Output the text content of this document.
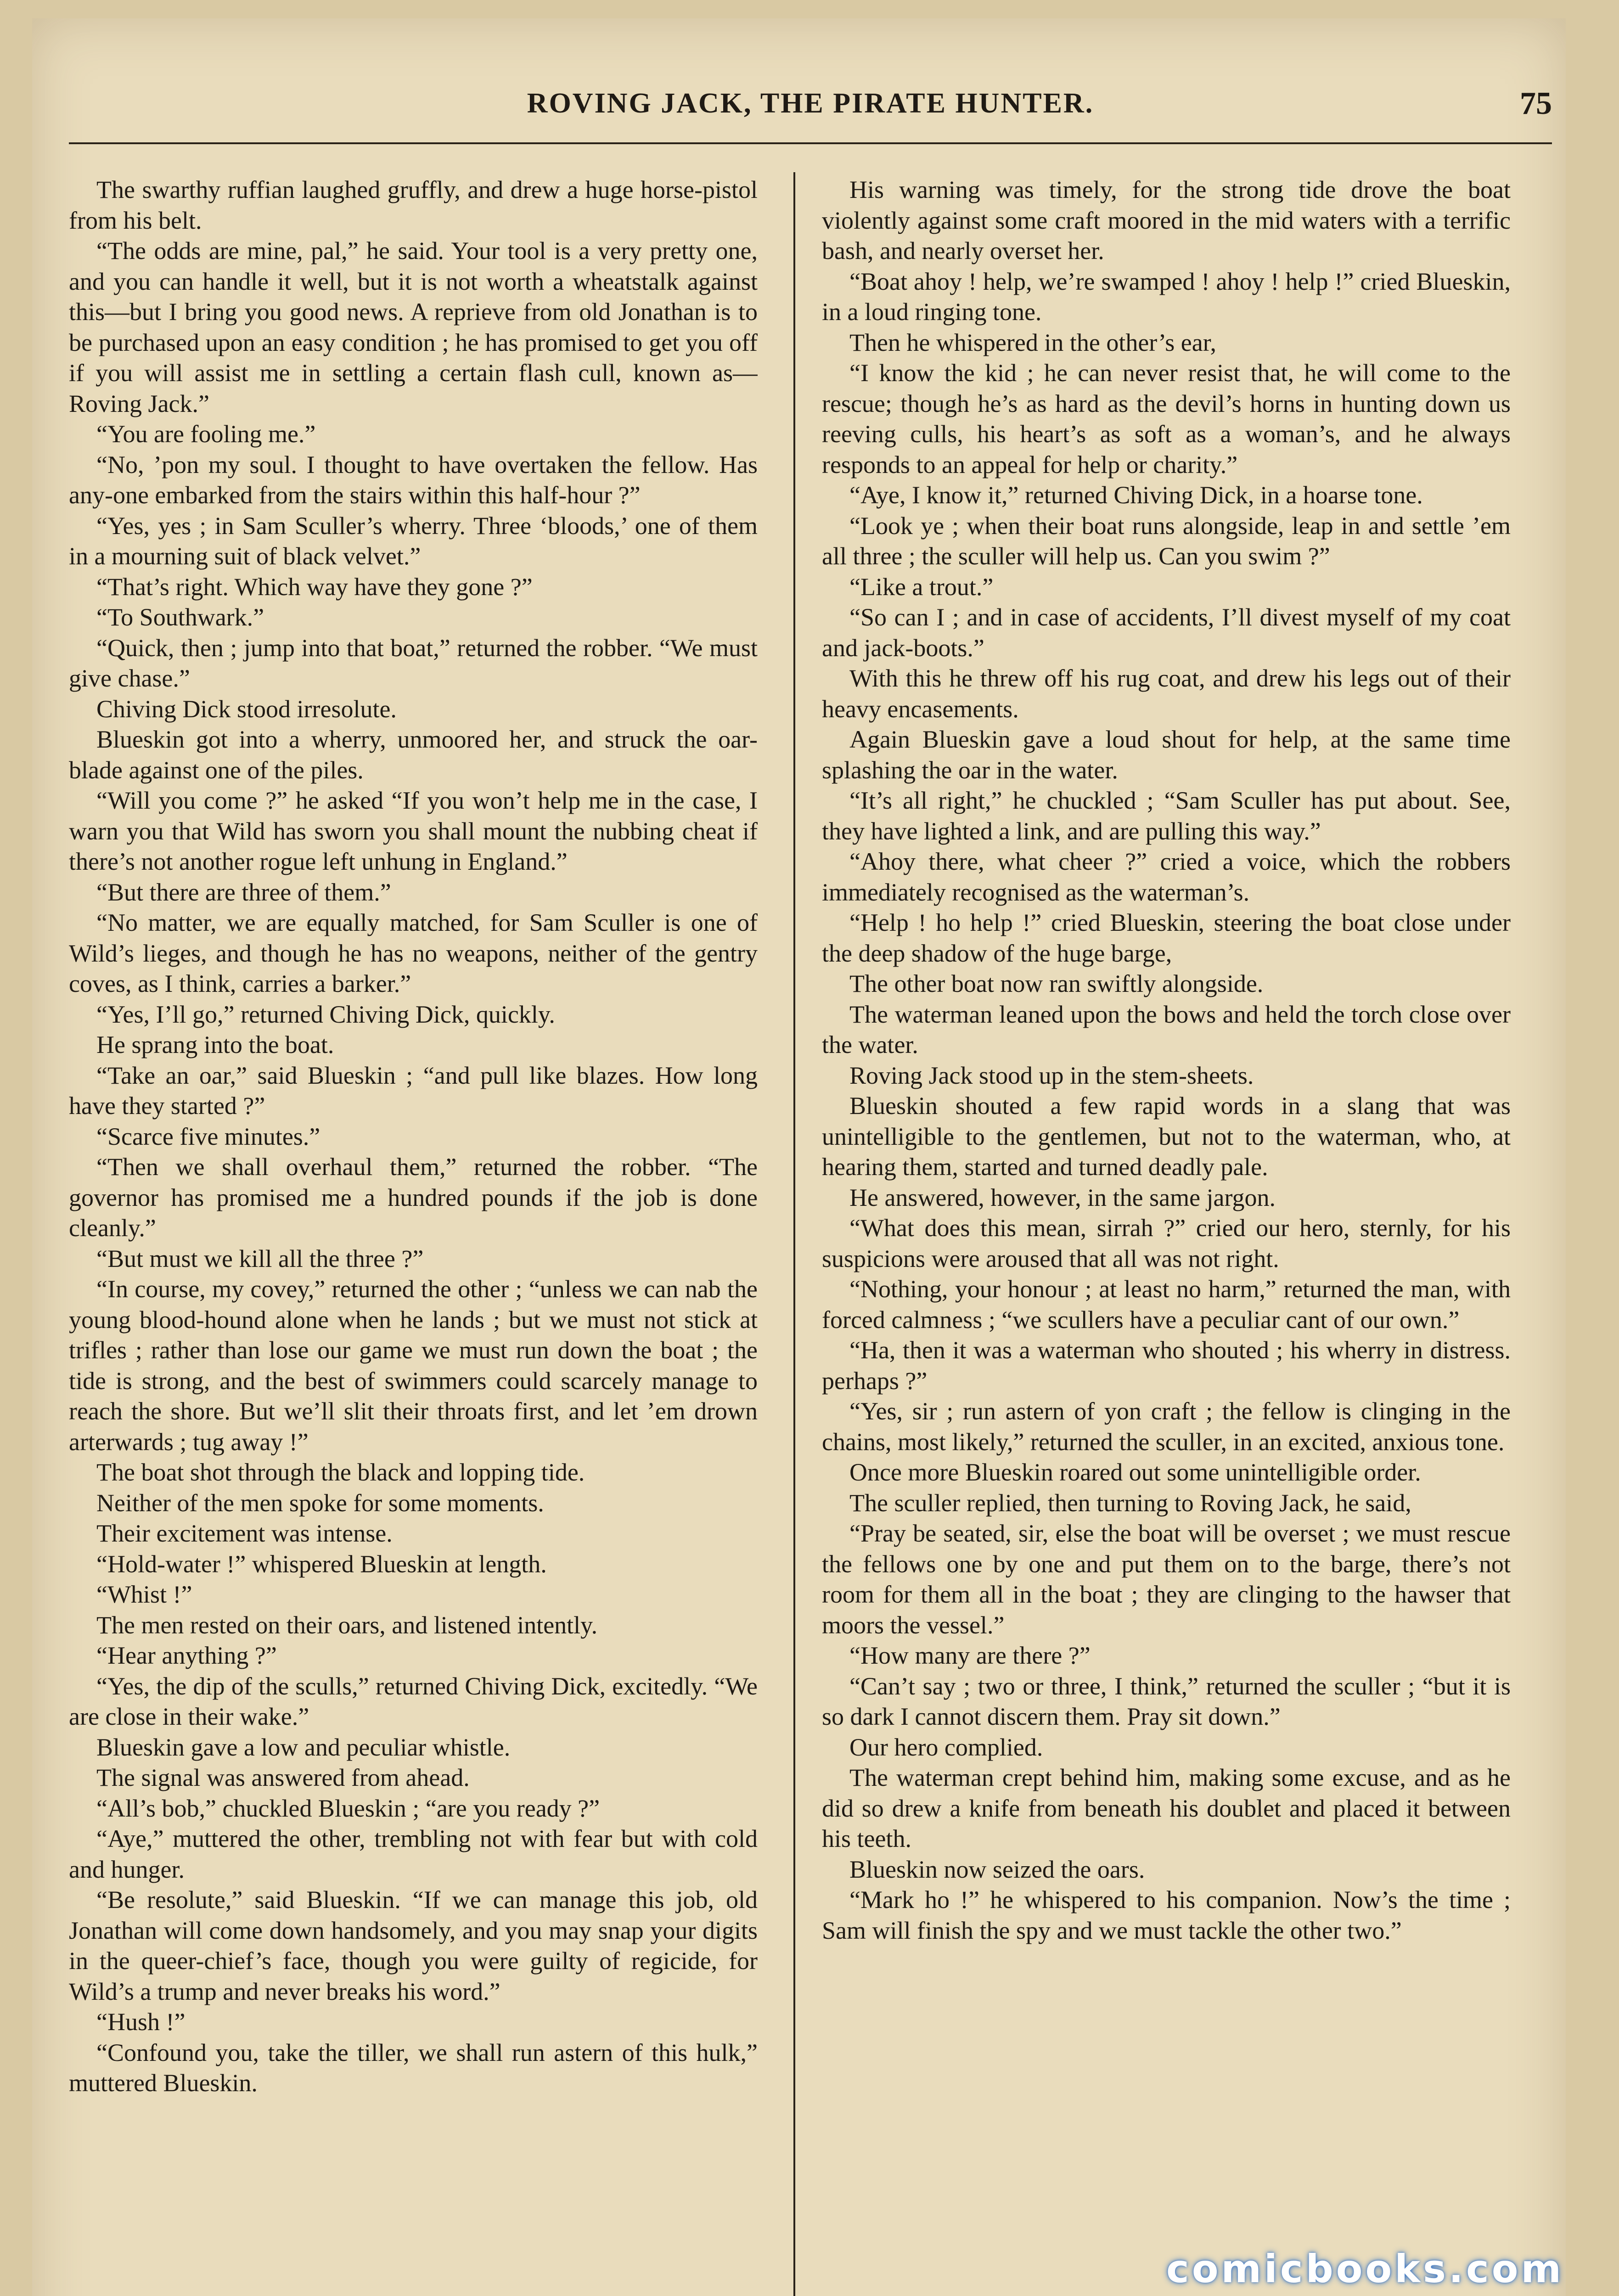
ROVING JACK, THE PIRATE HUNTER.	75

The swarthy ruffian laughed gruffly, and drew a huge horse-pistol from his belt.

“The odds are mine, pal,” he said. Your tool is a very pretty one, and you can handle it well, but it is not worth a wheatstalk against this—but I bring you good news. A reprieve from old Jonathan is to be purchased upon an easy condition ; he has promised to get you off if you will assist me in settling a certain flash cull, known as—Roving Jack.”

“You are fooling me.”

“No, ’pon my soul. I thought to have overtaken the fellow. Has any-one embarked from the stairs within this half-hour ?”

“Yes, yes ; in Sam Sculler’s wherry. Three ‘bloods,’ one of them in a mourning suit of black velvet.”

“That’s right. Which way have they gone ?”

“To Southwark.”

“Quick, then ; jump into that boat,” returned the robber. “We must give chase.”

Chiving Dick stood irresolute.

Blueskin got into a wherry, unmoored her, and struck the oar-blade against one of the piles.

“Will you come ?” he asked “If you won’t help me in the case, I warn you that Wild has sworn you shall mount the nubbing cheat if there’s not another rogue left unhung in England.”

“But there are three of them.”

“No matter, we are equally matched, for Sam Sculler is one of Wild’s lieges, and though he has no weapons, neither of the gentry coves, as I think, carries a barker.”

“Yes, I’ll go,” returned Chiving Dick, quickly.

He sprang into the boat.

“Take an oar,” said Blueskin ; “and pull like blazes. How long have they started ?”

“Scarce five minutes.”

“Then we shall overhaul them,” returned the robber. “The governor has promised me a hundred pounds if the job is done cleanly.”

“But must we kill all the three ?”

“In course, my covey,” returned the other ; “unless we can nab the young blood-hound alone when he lands ; but we must not stick at trifles ; rather than lose our game we must run down the boat ; the tide is strong, and the best of swimmers could scarcely manage to reach the shore. But we’ll slit their throats first, and let ’em drown arterwards ; tug away !”

The boat shot through the black and lopping tide.

Neither of the men spoke for some moments.

Their excitement was intense.

“Hold-water !” whispered Blueskin at length.

“Whist !”

The men rested on their oars, and listened intently.

“Hear anything ?”

“Yes, the dip of the sculls,” returned Chiving Dick, excitedly. “We are close in their wake.”

Blueskin gave a low and peculiar whistle.

The signal was answered from ahead.

“All’s bob,” chuckled Blueskin ; “are you ready ?”

“Aye,” muttered the other, trembling not with fear but with cold and hunger.

“Be resolute,” said Blueskin. “If we can manage this job, old Jonathan will come down handsomely, and you may snap your digits in the queer-chief’s face, though you were guilty of regicide, for Wild’s a trump and never breaks his word.”

“Hush !”

“Confound you, take the tiller, we shall run astern of this hulk,” muttered Blueskin.

His warning was timely, for the strong tide drove the boat violently against some craft moored in the mid waters with a terrific bash, and nearly overset her.

“Boat ahoy ! help, we’re swamped ! ahoy ! help !” cried Blueskin, in a loud ringing tone.

Then he whispered in the other’s ear,

“I know the kid ; he can never resist that, he will come to the rescue; though he’s as hard as the devil’s horns in hunting down us reeving culls, his heart’s as soft as a woman’s, and he always responds to an appeal for help or charity.”

“Aye, I know it,” returned Chiving Dick, in a hoarse tone.

“Look ye ; when their boat runs alongside, leap in and settle ’em all three ; the sculler will help us. Can you swim ?”

“Like a trout.”

“So can I ; and in case of accidents, I’ll divest myself of my coat and jack-boots.”

With this he threw off his rug coat, and drew his legs out of their heavy encasements.

Again Blueskin gave a loud shout for help, at the same time splashing the oar in the water.

“It’s all right,” he chuckled ; “Sam Sculler has put about. See, they have lighted a link, and are pulling this way.”

“Ahoy there, what cheer ?” cried a voice, which the robbers immediately recognised as the waterman’s.

“Help ! ho help !” cried Blueskin, steering the boat close under the deep shadow of the huge barge,

The other boat now ran swiftly alongside.

The waterman leaned upon the bows and held the torch close over the water.

Roving Jack stood up in the stem-sheets.

Blueskin shouted a few rapid words in a slang that was unintelligible to the gentlemen, but not to the waterman, who, at hearing them, started and turned deadly pale.

He answered, however, in the same jargon.

“What does this mean, sirrah ?” cried our hero, sternly, for his suspicions were aroused that all was not right.

“Nothing, your honour ; at least no harm,” returned the man, with forced calmness ; “we scullers have a peculiar cant of our own.”

“Ha, then it was a waterman who shouted ; his wherry in distress. perhaps ?”

“Yes, sir ; run astern of yon craft ; the fellow is clinging in the chains, most likely,” returned the sculler, in an excited, anxious tone.

Once more Blueskin roared out some unintelligible order.

The sculler replied, then turning to Roving Jack, he said,

“Pray be seated, sir, else the boat will be overset ; we must rescue the fellows one by one and put them on to the barge, there’s not room for them all in the boat ; they are clinging to the hawser that moors the vessel.”

“How many are there ?”

“Can’t say ; two or three, I think,” returned the sculler ; “but it is so dark I cannot discern them. Pray sit down.”

Our hero complied.

The waterman crept behind him, making some excuse, and as he did so drew a knife from beneath his doublet and placed it between his teeth.

Blueskin now seized the oars.

“Mark ho !” he whispered to his companion. Now’s the time ; Sam will finish the spy and we must tackle the other two.”

comicbooks.com
